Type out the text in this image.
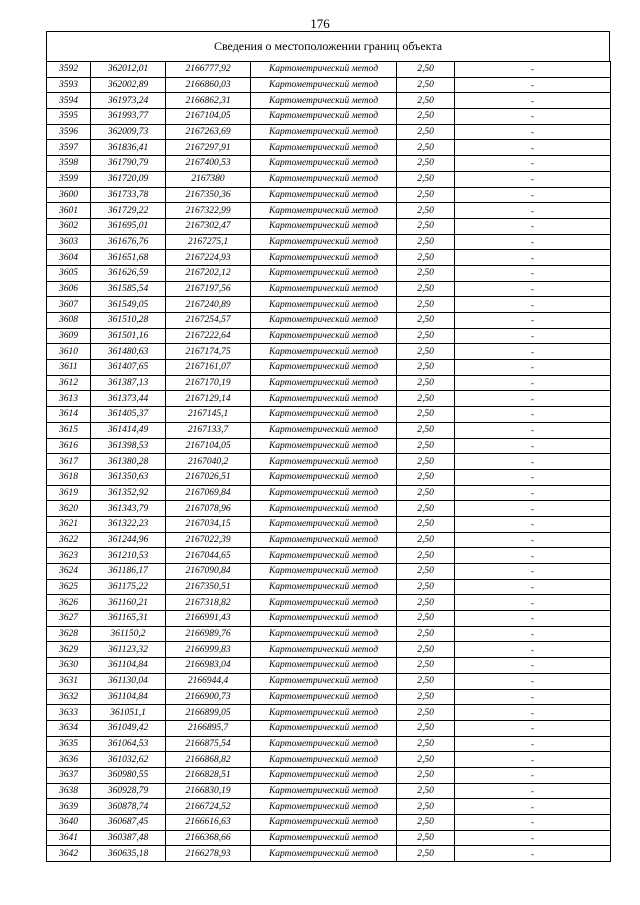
176
Сведения о местоположении границ объекта
3592	362012,01	2166777,92	Картометрический метод	2,50	-
3593	362002,89	2166860,03	Картометрический метод	2,50	-
3594	361973,24	2166862,31	Картометрический метод	2,50	-
3595	361993,77	2167104,05	Картометрический метод	2,50	-
3596	362009,73	2167263,69	Картометрический метод	2,50	-
3597	361836,41	2167297,91	Картометрический метод	2,50	-
3598	361790,79	2167400,53	Картометрический метод	2,50	-
3599	361720,09	2167380	Картометрический метод	2,50	-
3600	361733,78	2167350,36	Картометрический метод	2,50	-
3601	361729,22	2167322,99	Картометрический метод	2,50	-
3602	361695,01	2167302,47	Картометрический метод	2,50	-
3603	361676,76	2167275,1	Картометрический метод	2,50	-
3604	361651,68	2167224,93	Картометрический метод	2,50	-
3605	361626,59	2167202,12	Картометрический метод	2,50	-
3606	361585,54	2167197,56	Картометрический метод	2,50	-
3607	361549,05	2167240,89	Картометрический метод	2,50	-
3608	361510,28	2167254,57	Картометрический метод	2,50	-
3609	361501,16	2167222,64	Картометрический метод	2,50	-
3610	361480,63	2167174,75	Картометрический метод	2,50	-
3611	361407,65	2167161,07	Картометрический метод	2,50	-
3612	361387,13	2167170,19	Картометрический метод	2,50	-
3613	361373,44	2167129,14	Картометрический метод	2,50	-
3614	361405,37	2167145,1	Картометрический метод	2,50	-
3615	361414,49	2167133,7	Картометрический метод	2,50	-
3616	361398,53	2167104,05	Картометрический метод	2,50	-
3617	361380,28	2167040,2	Картометрический метод	2,50	-
3618	361350,63	2167026,51	Картометрический метод	2,50	-
3619	361352,92	2167069,84	Картометрический метод	2,50	-
3620	361343,79	2167078,96	Картометрический метод	2,50	-
3621	361322,23	2167034,15	Картометрический метод	2,50	-
3622	361244,96	2167022,39	Картометрический метод	2,50	-
3623	361210,53	2167044,65	Картометрический метод	2,50	-
3624	361186,17	2167090,84	Картометрический метод	2,50	-
3625	361175,22	2167350,51	Картометрический метод	2,50	-
3626	361160,21	2167318,82	Картометрический метод	2,50	-
3627	361165,31	2166991,43	Картометрический метод	2,50	-
3628	361150,2	2166989,76	Картометрический метод	2,50	-
3629	361123,32	2166999,83	Картометрический метод	2,50	-
3630	361104,84	2166983,04	Картометрический метод	2,50	-
3631	361130,04	2166944,4	Картометрический метод	2,50	-
3632	361104,84	2166900,73	Картометрический метод	2,50	-
3633	361051,1	2166899,05	Картометрический метод	2,50	-
3634	361049,42	2166895,7	Картометрический метод	2,50	-
3635	361064,53	2166875,54	Картометрический метод	2,50	-
3636	361032,62	2166868,82	Картометрический метод	2,50	-
3637	360980,55	2166828,51	Картометрический метод	2,50	-
3638	360928,79	2166830,19	Картометрический метод	2,50	-
3639	360878,74	2166724,52	Картометрический метод	2,50	-
3640	360687,45	2166616,63	Картометрический метод	2,50	-
3641	360387,48	2166368,66	Картометрический метод	2,50	-
3642	360635,18	2166278,93	Картометрический метод	2,50	-
